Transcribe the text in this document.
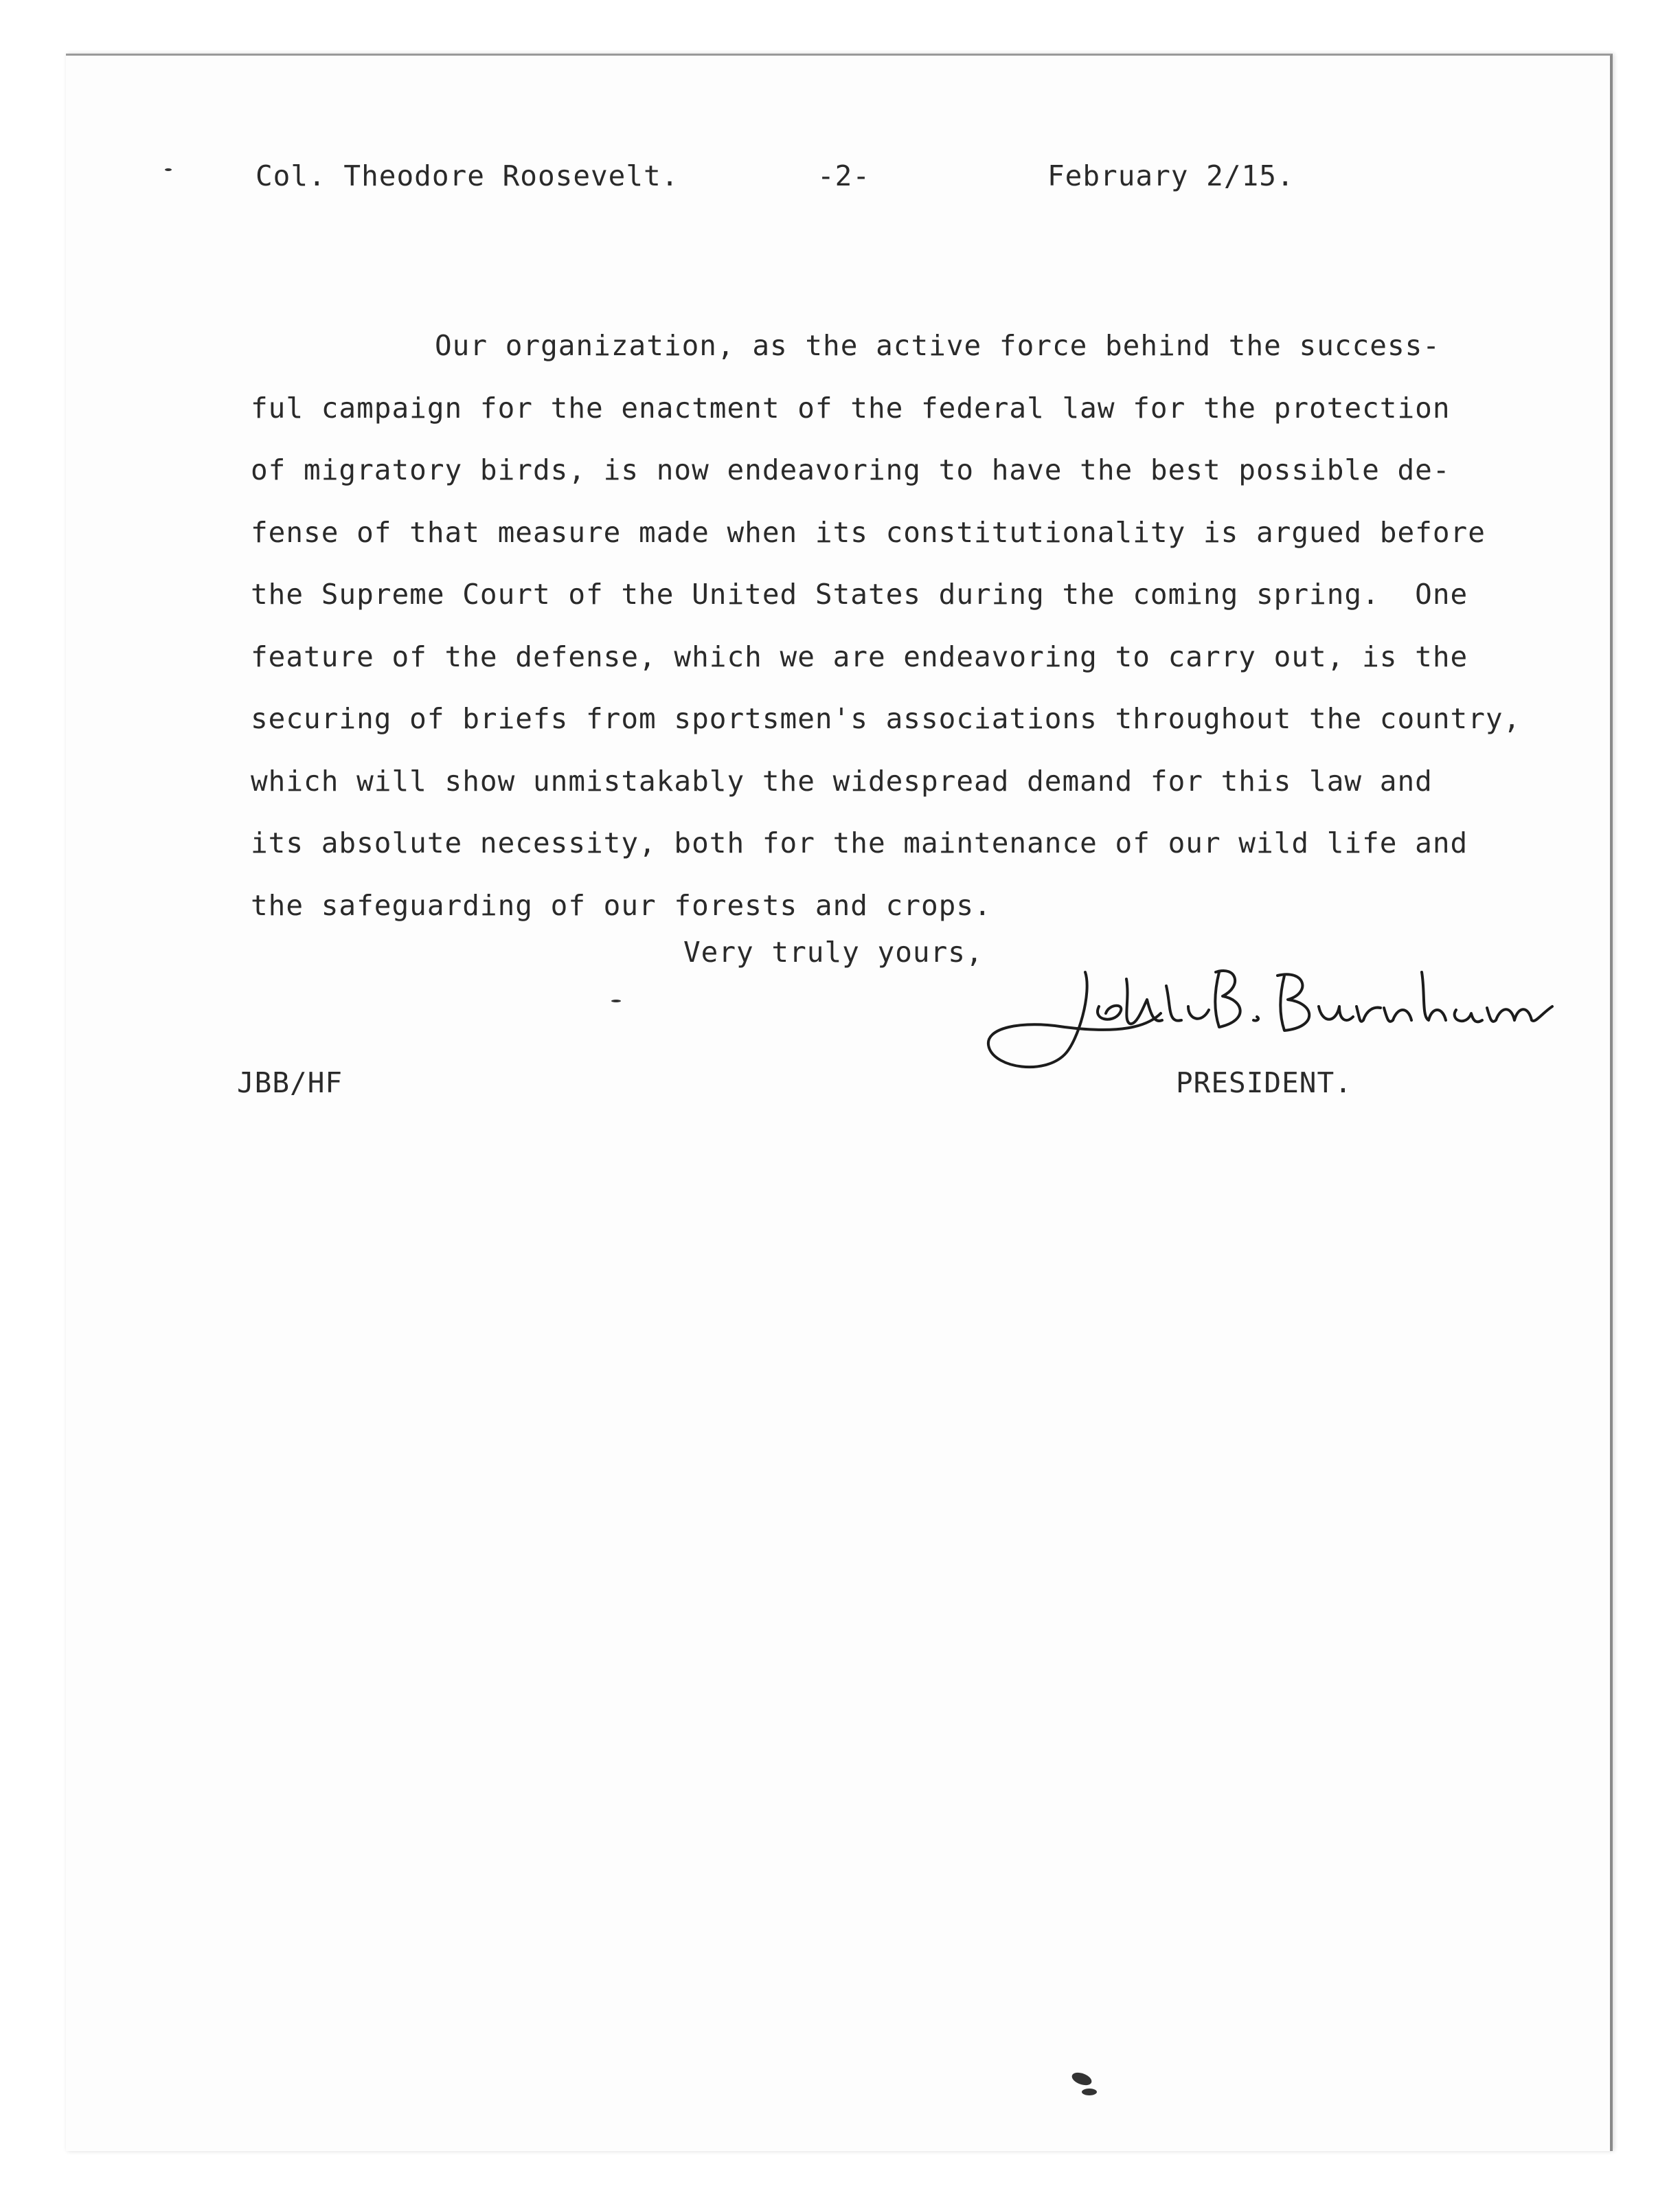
Col. Theodore Roosevelt.	-2-	February 2/15.

Our organization, as the active force behind the success-
ful campaign for the enactment of the federal law for the protection
of migratory birds, is now endeavoring to have the best possible de-
fense of that measure made when its constitutionality is argued before
the Supreme Court of the United States during the coming spring.  One
feature of the defense, which we are endeavoring to carry out, is the
securing of briefs from sportsmen's associations throughout the country,
which will show unmistakably the widespread demand for this law and
its absolute necessity, both for the maintenance of our wild life and
the safeguarding of our forests and crops.

Very truly yours,

JBB/HF	PRESIDENT.
